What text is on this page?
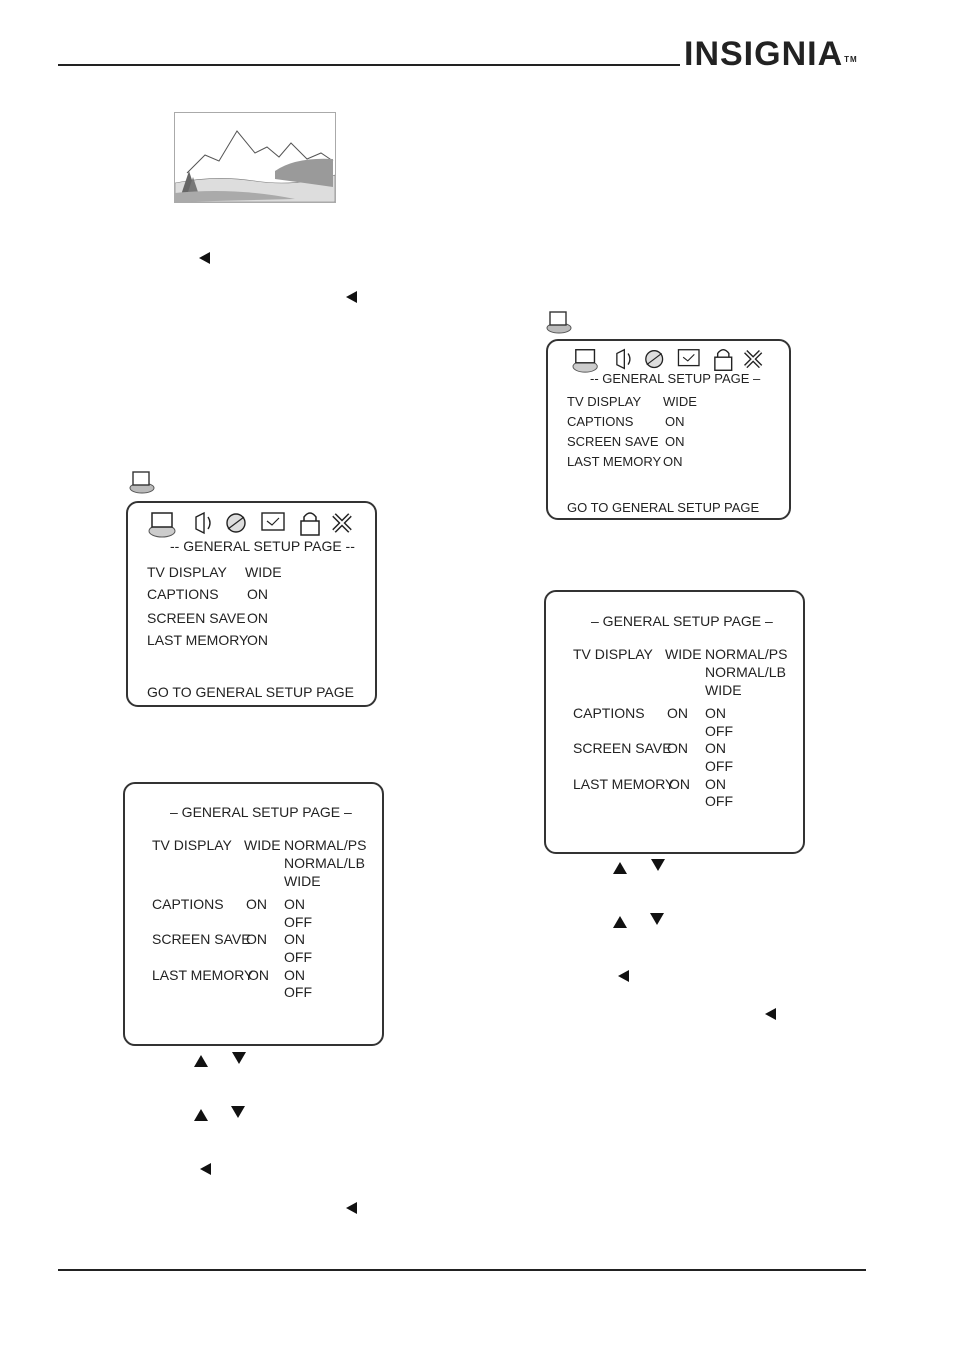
INSIGNIA™
-- GENERAL SETUP PAGE --
TV DISPLAY WIDE
CAPTIONS ON
SCREEN SAVE ON
LAST MEMORY
ON
GO TO GENERAL SETUP PAGE
– GENERAL SETUP PAGE –
TV DISPLAY WIDE NORMAL/PS
NORMAL/LB
WIDE
CAPTIONS ON ON
OFF
SCREEN SAVE
ON ON
OFF
LAST MEMORY
ON ON
OFF
-- GENERAL SETUP PAGE –
TV DISPLAY WIDE
CAPTIONS ON
SCREEN SAVE ON
LAST MEMORY ON
GO TO GENERAL SETUP PAGE
– GENERAL SETUP PAGE –
TV DISPLAY WIDE NORMAL/PS
NORMAL/LB
WIDE
CAPTIONS ON ON
OFF
SCREEN SAVE
ON ON
OFF
LAST MEMORY
ON ON
OFF
